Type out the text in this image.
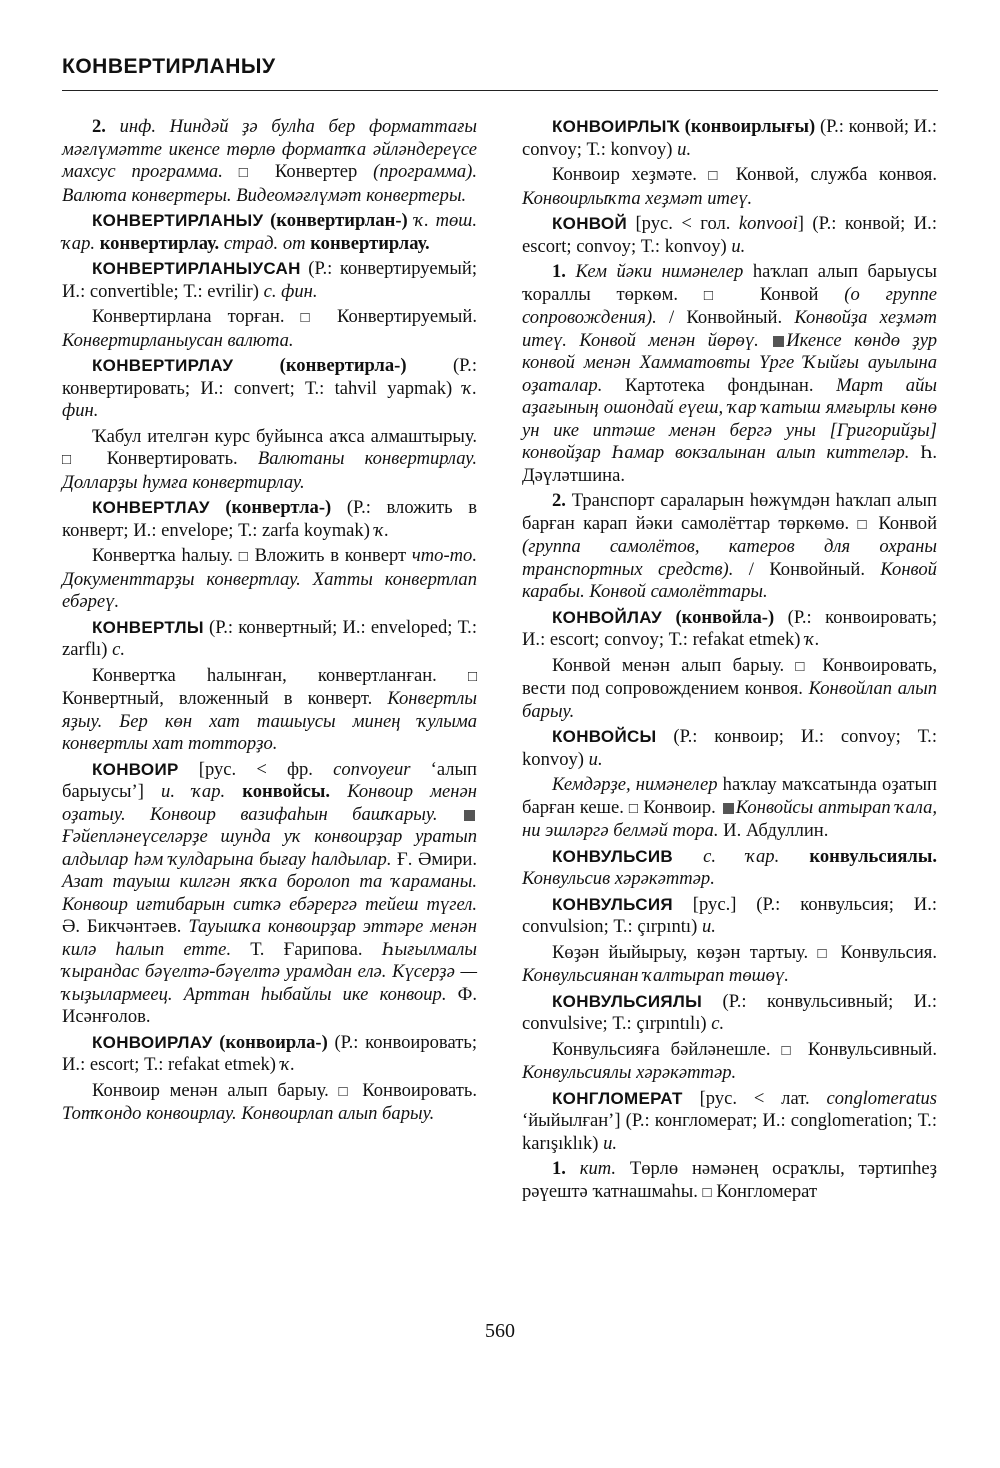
КОНВЕРТИРЛАНЫУ

2. инф. Ниндәй ҙә булһа бер форматтағы мәғлүмәтте икенсе төрлө форматҡа әйләндереүсе махсус программа. □ Конвертер (программа). Валюта конвертеры. Видеомәғлүмәт конвертеры.

КОНВЕРТИРЛАНЫУ (конвертирлан-) ҡ. төш. ҡар. конвертирлау. страд. от конвертирлау.

КОНВЕРТИРЛАНЫУСАН (Р.: конвертируемый; И.: convertible; Т.: evrilir) с. фин.

Конвертирлана торған. □ Конвертируемый. Конвертирланыусан валюта.

КОНВЕРТИРЛАУ (конвертирла-) (Р.: конвертировать; И.: convert; Т.: tahvil yapmak) ҡ. фин.

Ҡабул ителгән курс буйынса аҡса алмаштырыу. □ Конвертировать. Валютаны конвертирлау. Долларҙы һумға конвертирлау.

КОНВЕРТЛАУ (конвертла-) (Р.: вложить в конверт; И.: envelope; Т.: zarfa koymak) ҡ.

Конвертҡа һалыу. □ Вложить в конверт что-то. Документтарҙы конвертлау. Хатты конвертлап ебәреү.

КОНВЕРТЛЫ (Р.: конвертный; И.: enveloped; Т.: zarflı) с.

Конвертҡа һалынған, конвертланған. □ Конвертный, вложенный в конверт. Конвертлы яҙыу. Бер көн хат ташыусы минең ҡулыма конвертлы хат тотторҙо.

КОНВОИР [рус. < фр. convoyeur ‘алып барыусы’] и. ҡар. конвойсы. Конвоир менән оҙатыу. Конвоир вазифаһын башҡарыу. Ғәйепләнеүселәрҙе шунда уҡ конвоирҙар уратып алдылар һәм ҡулдарына бығау һалдылар. Ғ. Әмири. Азат тауыш килгән яҡҡа боролоп та ҡараманы. Конвоир иғтибарын ситкә ебәрергә тейеш түгел. Ә. Бикчәнтәев. Тауышҡа конвоирҙар эттәре менән килә һалып етте. Т. Ғарипова. Һығылмалы ҡырандас бәүелтә-бәүелтә урамдан елә. Күсерҙә — ҡыҙылармеец. Арттан һыбайлы ике конвоир. Ф. Исәнғолов.

КОНВОИРЛАУ (конвоирла-) (Р.: конвоировать; И.: escort; Т.: refakat etmek) ҡ.

Конвоир менән алып барыу. □ Конвоировать. Тотҡондо конвоирлау. Конвоирлап алып барыу.

КОНВОИРЛЫҠ (конвоирлығы) (Р.: конвой; И.: convoy; Т.: konvoy) и.

Конвоир хеҙмәте. □ Конвой, служба конвоя. Конвоирлыҡта хеҙмәт итеү.

КОНВОЙ [рус. < гол. konvooi] (Р.: конвой; И.: escort; convoy; Т.: konvoy) и.

1. Кем йәки нимәнелер һаҡлап алып барыусы ҡораллы төркөм. □ Конвой (о группе сопровождения). / Конвойный. Конвойҙа хеҙмәт итеү. Конвой менән йөрөү. Икенсе көндө ҙур конвой менән Хамматовты Үрге Ҡыйғы ауылына оҙаталар. Картотека фондынан. Март айы аҙағының ошондай еүеш, ҡар ҡатыш ямғырлы көнө ун ике иптәше менән бергә уны [Григорийҙы] конвойҙар Һамар вокзалынан алып киттеләр. Һ. Дәүләтшина.

2. Транспорт сараларын һөжүмдән һаҡлап алып барған карап йәки самолёттар төркөмө. □ Конвой (группа самолётов, катеров для охраны транспортных средств). / Конвойный. Конвой карабы. Конвой самолёттары.

КОНВОЙЛАУ (конвойла-) (Р.: конвоировать; И.: escort; convoy; Т.: refakat etmek) ҡ.

Конвой менән алып барыу. □ Конвоировать, вести под сопровождением конвоя. Конвойлап алып барыу.

КОНВОЙСЫ (Р.: конвоир; И.: convoy; Т.: konvoy) и.

Кемдәрҙе, нимәнелер һаҡлау маҡсатында оҙатып барған кеше. □ Конвоир. Конвойсы аптырап ҡала, ни эшләргә белмәй тора. И. Абдуллин.

КОНВУЛЬСИВ с. ҡар. конвульсиялы. Конвульсив хәрәкәттәр.

КОНВУЛЬСИЯ [рус.] (Р.: конвульсия; И.: convulsion; Т.: çırpıntı) и.

Көҙән йыйырыу, көҙән тартыу. □ Конвульсия. Конвульсиянан ҡалтырап төшөү.

КОНВУЛЬСИЯЛЫ (Р.: конвульсивный; И.: convulsive; Т.: çırpıntılı) с.

Конвульсияға бәйләнешле. □ Конвульсивный. Конвульсиялы хәрәкәттәр.

КОНГЛОМЕРАТ [рус. < лат. conglomeratus ‘йыйылған’] (Р.: конгломерат; И.: conglomeration; Т.: karışıklık) и.

1. кит. Төрлө нәмәнең осраҡлы, тәртипһеҙ рәүештә ҡатнашмаһы. □ Конгломерат

560
